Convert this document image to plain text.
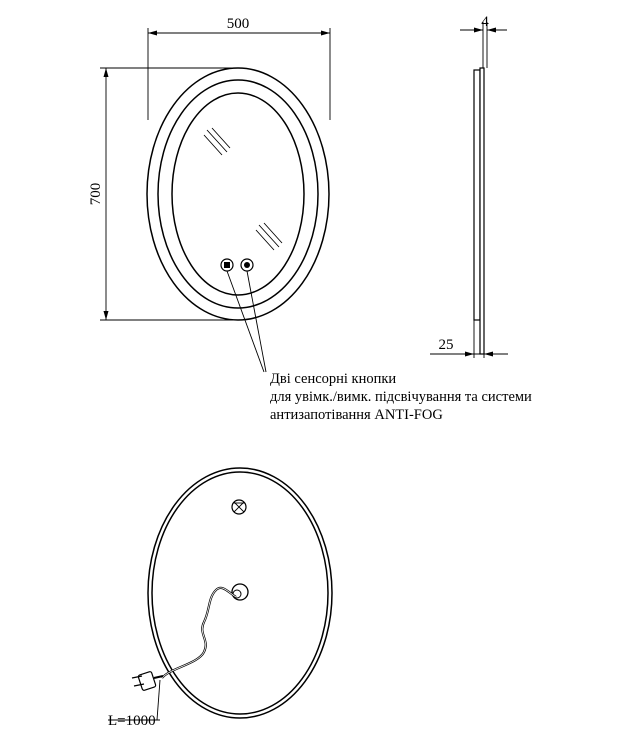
500
700
4
25
Дві сенсорні кнопки
для увімк./вимк. підсвічування та системи
антизапотівання ANTI-FOG
L=1000
